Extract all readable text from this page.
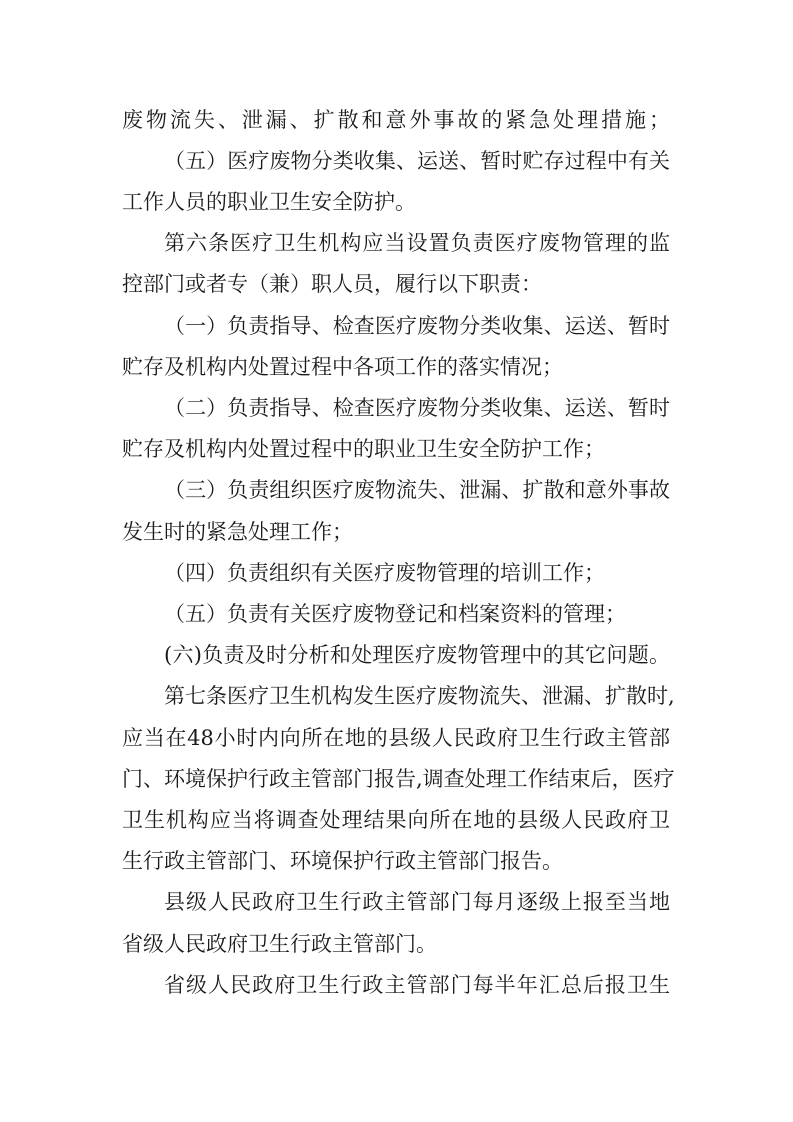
废物流失、泄漏、扩散和意外事故的紧急处理措施；
（五）医疗废物分类收集、运送、暂时贮存过程中有关
工作人员的职业卫生安全防护。
第六条医疗卫生机构应当设置负责医疗废物管理的监
控部门或者专（兼）职人员，履行以下职责：
（一）负责指导、检查医疗废物分类收集、运送、暂时
贮存及机构内处置过程中各项工作的落实情况；
（二）负责指导、检查医疗废物分类收集、运送、暂时
贮存及机构内处置过程中的职业卫生安全防护工作；
（三）负责组织医疗废物流失、泄漏、扩散和意外事故
发生时的紧急处理工作；
（四）负责组织有关医疗废物管理的培训工作；
（五）负责有关医疗废物登记和档案资料的管理；
(六)负责及时分析和处理医疗废物管理中的其它问题。
第七条医疗卫生机构发生医疗废物流失、泄漏、扩散时,
应当在48小时内向所在地的县级人民政府卫生行政主管部
门、环境保护行政主管部门报告,调查处理工作结束后，医疗
卫生机构应当将调查处理结果向所在地的县级人民政府卫
生行政主管部门、环境保护行政主管部门报告。
县级人民政府卫生行政主管部门每月逐级上报至当地
省级人民政府卫生行政主管部门。
省级人民政府卫生行政主管部门每半年汇总后报卫生
